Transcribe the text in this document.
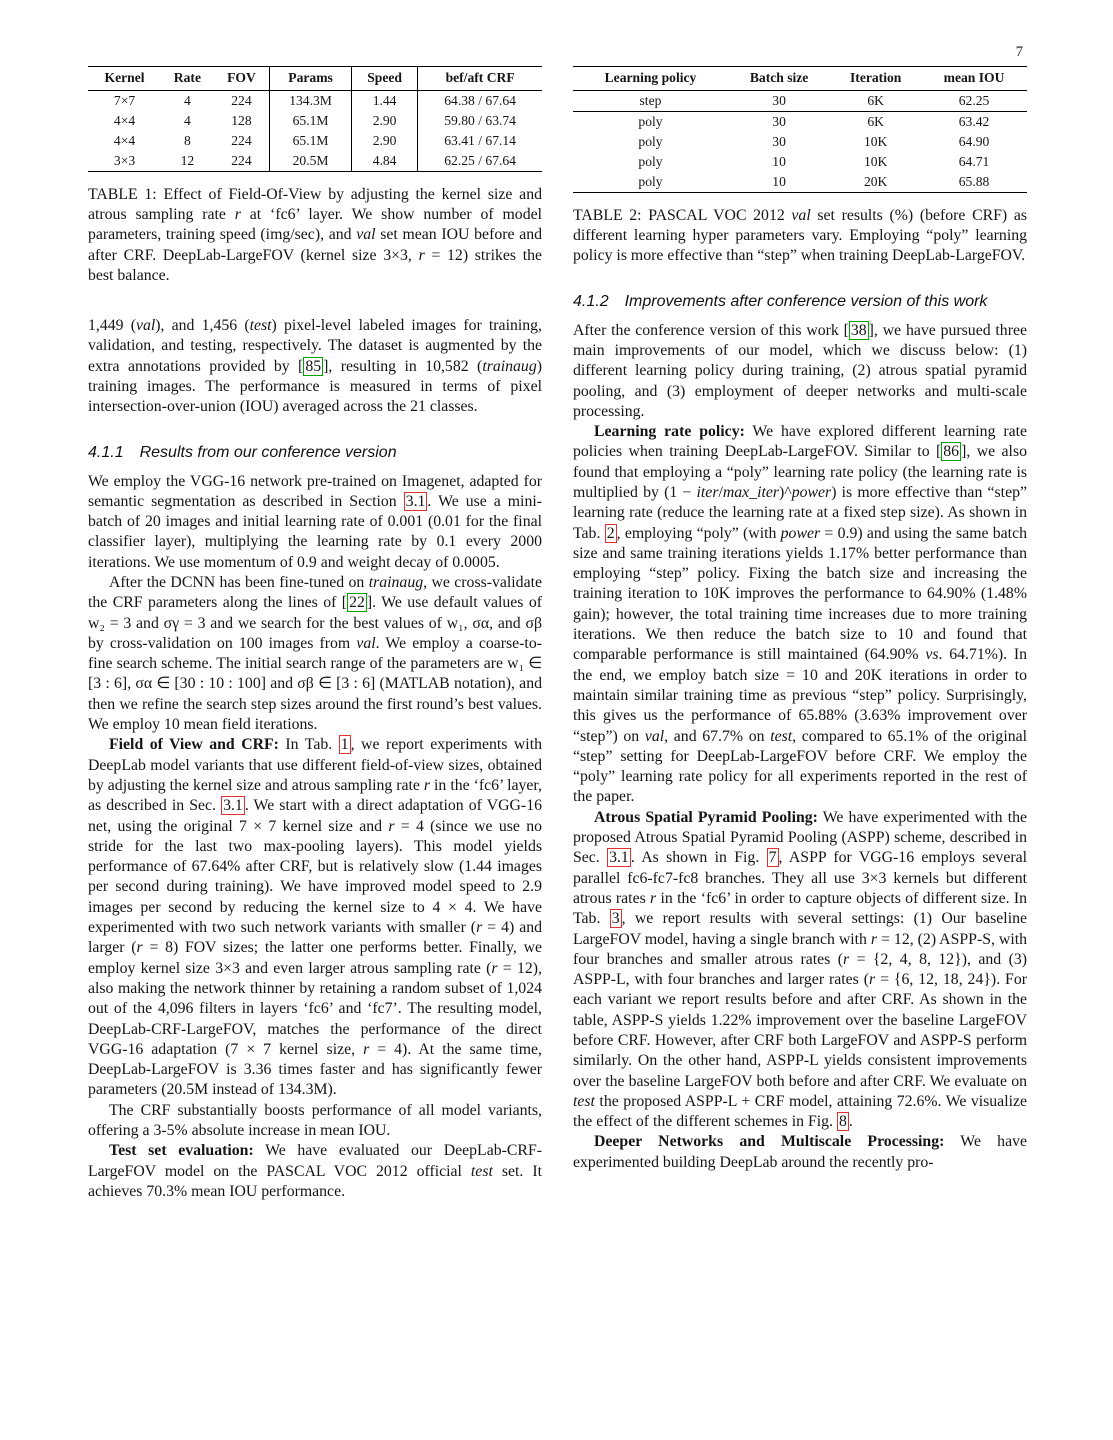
7
Kernel	Rate	FOV	Params	Speed	bef/aft CRF
7×7	4	224	134.3M	1.44	64.38 / 67.64
4×4	4	128	65.1M	2.90	59.80 / 63.74
4×4	8	224	65.1M	2.90	63.41 / 67.14
3×3	12	224	20.5M	4.84	62.25 / 67.64
TABLE 1: Effect of Field-Of-View by adjusting the kernel size and atrous sampling rate r at ‘fc6’ layer. We show number of model parameters, training speed (img/sec), and val set mean IOU before and after CRF. DeepLab-LargeFOV (kernel size 3×3, r = 12) strikes the best balance.

1,449 (val), and 1,456 (test) pixel-level labeled images for training, validation, and testing, respectively. The dataset is augmented by the extra annotations provided by [ 85 ], resulting in 10,582 (trainaug) training images. The performance is measured in terms of pixel intersection-over-union (IOU) averaged across the 21 classes.

4.1.1 Results from our conference version

We employ the VGG-16 network pre-trained on Imagenet, adapted for semantic segmentation as described in Section 3.1 . We use a mini-batch of 20 images and initial learning rate of 0.001 (0.01 for the final classifier layer), multiplying the learning rate by 0.1 every 2000 iterations. We use momentum of 0.9 and weight decay of 0.0005.

After the DCNN has been fine-tuned on trainaug, we cross-validate the CRF parameters along the lines of [ 22 ]. We use default values of w₂ = 3 and σγ = 3 and we search for the best values of w₁, σα, and σβ by cross-validation on 100 images from val. We employ a coarse-to-fine search scheme. The initial search range of the parameters are w₁ ∈ [3 : 6], σα ∈ [30 : 10 : 100] and σβ ∈ [3 : 6] (MATLAB notation), and then we refine the search step sizes around the first round’s best values. We employ 10 mean field iterations.

Field of View and CRF: In Tab. 1 , we report experiments with DeepLab model variants that use different field-of-view sizes, obtained by adjusting the kernel size and atrous sampling rate r in the ‘fc6’ layer, as described in Sec. 3.1 . We start with a direct adaptation of VGG-16 net, using the original 7 × 7 kernel size and r = 4 (since we use no stride for the last two max-pooling layers). This model yields performance of 67.64% after CRF, but is relatively slow (1.44 images per second during training). We have improved model speed to 2.9 images per second by reducing the kernel size to 4 × 4. We have experimented with two such network variants with smaller (r = 4) and larger (r = 8) FOV sizes; the latter one performs better. Finally, we employ kernel size 3×3 and even larger atrous sampling rate (r = 12), also making the network thinner by retaining a random subset of 1,024 out of the 4,096 filters in layers ‘fc6’ and ‘fc7’. The resulting model, DeepLab-CRF-LargeFOV, matches the performance of the direct VGG-16 adaptation (7 × 7 kernel size, r = 4). At the same time, DeepLab-LargeFOV is 3.36 times faster and has significantly fewer parameters (20.5M instead of 134.3M).

The CRF substantially boosts performance of all model variants, offering a 3-5% absolute increase in mean IOU.

Test set evaluation: We have evaluated our DeepLab-CRF-LargeFOV model on the PASCAL VOC 2012 official test set. It achieves 70.3% mean IOU performance.

Learning policy	Batch size	Iteration	mean IOU
step	30	6K	62.25
poly	30	6K	63.42
poly	30	10K	64.90
poly	10	10K	64.71
poly	10	20K	65.88
TABLE 2: PASCAL VOC 2012 val set results (%) (before CRF) as different learning hyper parameters vary. Employing “poly” learning policy is more effective than “step” when training DeepLab-LargeFOV.
4.1.2 Improvements after conference version of this work

After the conference version of this work [ 38 ], we have pursued three main improvements of our model, which we discuss below: (1) different learning policy during training, (2) atrous spatial pyramid pooling, and (3) employment of deeper networks and multi-scale processing.

Learning rate policy: We have explored different learning rate policies when training DeepLab-LargeFOV. Similar to [ 86 ], we also found that employing a “poly” learning rate policy (the learning rate is multiplied by (1 − iter/max_iter)^power) is more effective than “step” learning rate (reduce the learning rate at a fixed step size). As shown in Tab. 2 , employing “poly” (with power = 0.9) and using the same batch size and same training iterations yields 1.17% better performance than employing “step” policy. Fixing the batch size and increasing the training iteration to 10K improves the performance to 64.90% (1.48% gain); however, the total training time increases due to more training iterations. We then reduce the batch size to 10 and found that comparable performance is still maintained (64.90% vs. 64.71%). In the end, we employ batch size = 10 and 20K iterations in order to maintain similar training time as previous “step” policy. Surprisingly, this gives us the performance of 65.88% (3.63% improvement over “step”) on val, and 67.7% on test, compared to 65.1% of the original “step” setting for DeepLab-LargeFOV before CRF. We employ the “poly” learning rate policy for all experiments reported in the rest of the paper.

Atrous Spatial Pyramid Pooling: We have experimented with the proposed Atrous Spatial Pyramid Pooling (ASPP) scheme, described in Sec. 3.1 . As shown in Fig. 7 , ASPP for VGG-16 employs several parallel fc6-fc7-fc8 branches. They all use 3×3 kernels but different atrous rates r in the ‘fc6’ in order to capture objects of different size. In Tab. 3 , we report results with several settings: (1) Our baseline LargeFOV model, having a single branch with r = 12, (2) ASPP-S, with four branches and smaller atrous rates (r = {2, 4, 8, 12}), and (3) ASPP-L, with four branches and larger rates (r = {6, 12, 18, 24}). For each variant we report results before and after CRF. As shown in the table, ASPP-S yields 1.22% improvement over the baseline LargeFOV before CRF. However, after CRF both LargeFOV and ASPP-S perform similarly. On the other hand, ASPP-L yields consistent improvements over the baseline LargeFOV both before and after CRF. We evaluate on test the proposed ASPP-L + CRF model, attaining 72.6%. We visualize the effect of the different schemes in Fig. 8 .

Deeper Networks and Multiscale Processing: We have experimented building DeepLab around the recently pro-
